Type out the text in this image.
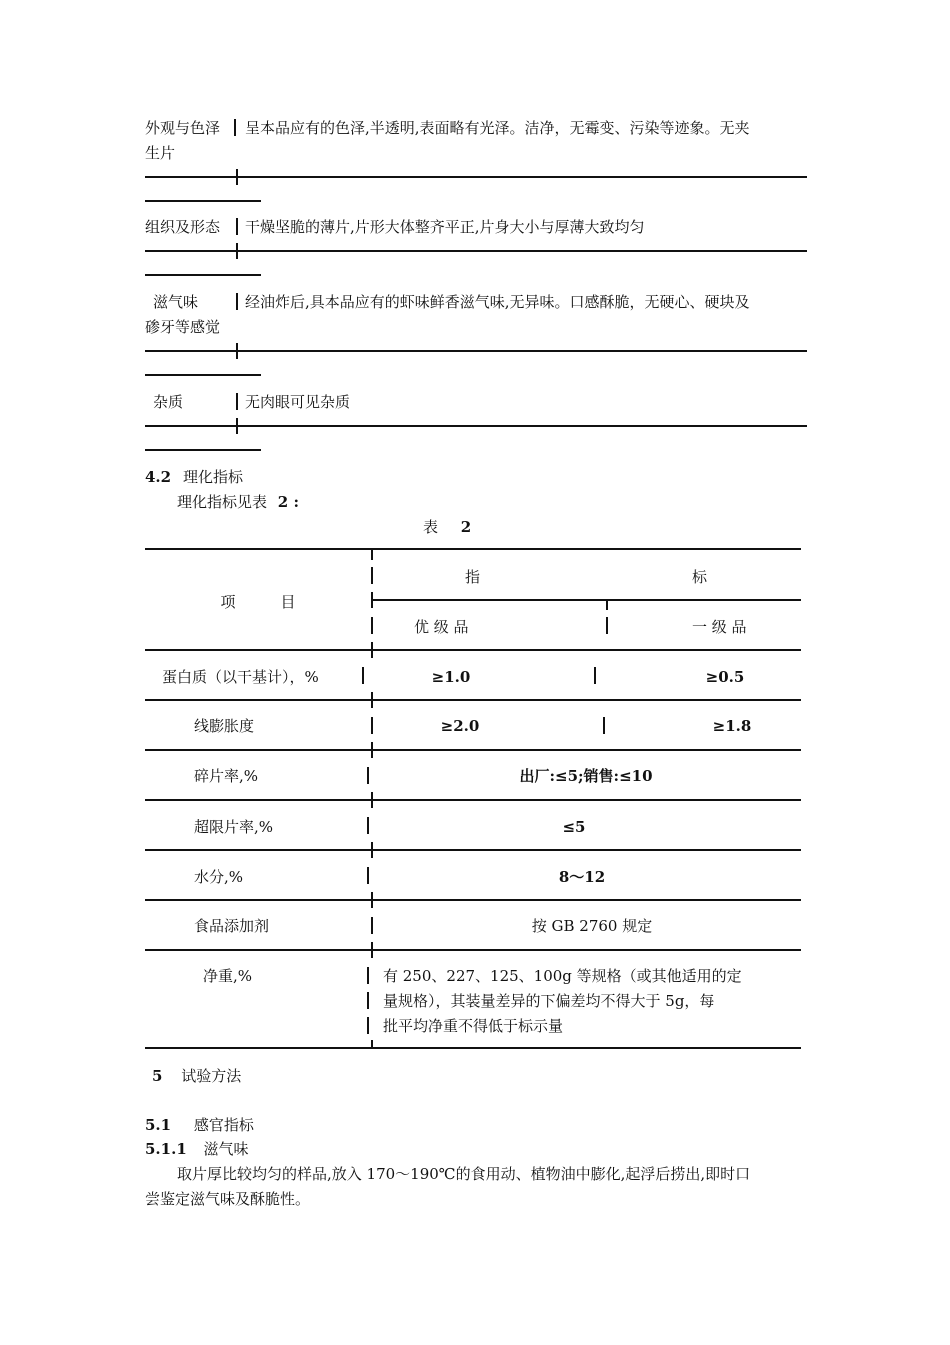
外观与色泽 呈本品应有的色泽,半透明,表面略有光泽。洁净，无霉变、污染等迹象。无夹
生片
组织及形态 干燥坚脆的薄片,片形大体整齐平正,片身大小与厚薄大致均匀
滋气味	经油炸后,具本品应有的虾味鲜香滋气味,无异味。口感酥脆，无硬心、硬块及
碜牙等感觉
杂质	无肉眼可见杂质
4.2 理化指标
理化指标见表 2 :
表 2
项　　　目
指	标
优 级 品	一 级 品
蛋白质（以干基计），%	≥1.0	≥0.5
线膨胀度	≥2.0	≥1.8
碎片率,%	出厂:≤5;销售:≤10
超限片率,%	≤5
水分,%	8～12
食品添加剂	按 GB 2760 规定
净重,%	有 250、227、125、100g 等规格（或其他适用的定
量规格），其装量差异的下偏差均不得大于 5g，每
批平均净重不得低于标示量
5 试验方法
5.1 感官指标
5.1.1 滋气味
取片厚比较均匀的样品,放入 170～190℃的食用动、植物油中膨化,起浮后捞出,即时口
尝鉴定滋气味及酥脆性。
